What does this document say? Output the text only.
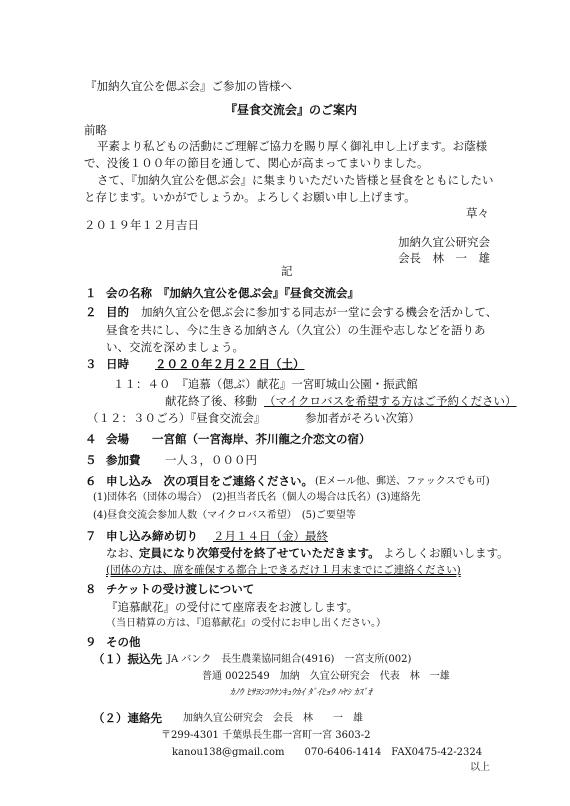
『加納久宜公を偲ぶ会』ご参加の皆様へ
『昼食交流会』のご案内
前略
平素より私どもの活動にご理解ご協力を賜り厚く御礼申し上げます。お蔭様
で、没後１００年の節目を通して、関心が高まってまいりました。
さて、『加納久宜公を偲ぶ会』に集まりいただいた皆様と昼食をともにしたい
と存じます。いかがでしょうか。よろしくお願い申し上げます。
草々
２０１９年１２月吉日
加納久宜公研究会
会長　林　一　雄
記
１ 会の名称　『加納久宜公を偲ぶ会』『昼食交流会』
２ 目的 加納久宜公を偲ぶ会に参加する同志が一堂に会する機会を活かして、
昼食を共にし、今に生きる加納さん（久宜公）の生涯や志しなどを語りあ
い、交流を深めましょう。
３ 日時 ２０２０年２月２２日（土）
１１：４０　『追慕（偲ぶ）献花』一宮町城山公園・振武館
献花終了後、移動 （マイクロバスを希望する方はご予約ください）
（１２：３０ごろ）『昼食交流会』	参加者がそろい次第）
４ 会場　　一宮館（一宮海岸、芥川龍之介恋文の宿）
５ 参加費 一人３，０００円
６ 申し込み　次の項目をご連絡ください。 (Eメール他、郵送、ファックスでも可)
(1)団体名（団体の場合）　(2)担当者氏名（個人の場合は氏名）(3)連絡先
(4)昼食交流会参加人数（マイクロバス希望）　(5)ご要望等
７ 申し込み締め切り ２月１４日（金）最終
なお、
定員になり次第受付を終了せていただきます。 よろしくお願いします。
(団体の方は、席を確保する都合上できるだけ１月末までにご連絡ください)
８ チケットの受け渡しについて
『追慕献花』の受付にて座席表をお渡しします。
（当日精算の方は、『追慕献花』の受付にお申し出ください。）
９ その他
（１）振込先 JA バンク　長生農業協同組合(4916)　一宮支所(002)
普通 0022549　加納　久宜公研究会　代表　林　一雄
ｶﾉｳ ﾋｻﾖｼｺｳｹﾝｷｭｳｶｲ ﾀﾞｲﾋｮｳ ﾊﾔｼ ｶｽﾞｵ
（２）連絡先 加納久宜公研究会　会長　林　　一　雄
〒299-4301 千葉県長生郡一宮町一宮 3603-2
kanou138@gmail.com　　070-6406-1414　FAX0475-42-2324
以上
